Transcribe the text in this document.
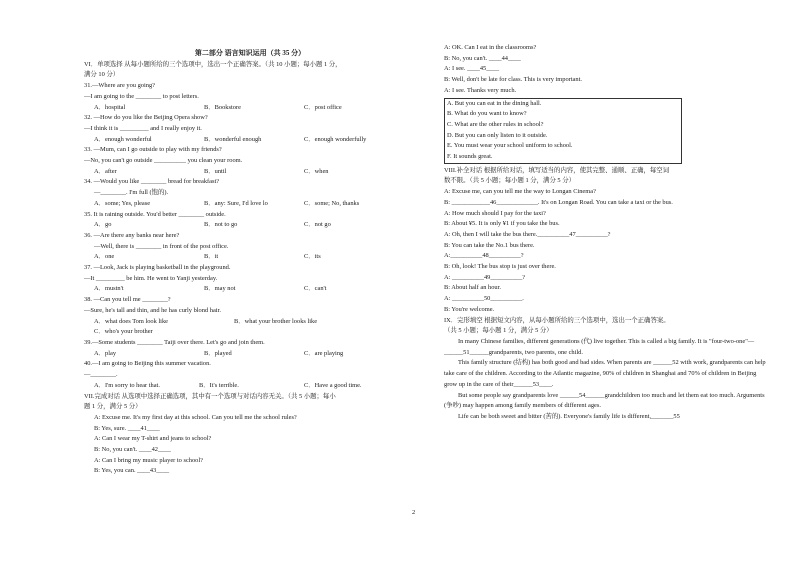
第二部分 语言知识运用（共 35 分）
VI．单项选择 从每小题所给的三个选项中，选出一个正确答案。（共 10 小题；每小题 1 分，
满分 10 分）
31.—Where are you going?
—I am going to the ________ to post letters.
A．hospital	B．Bookstore	C．post office
32. —How do you like the Beijing Opera show?
—I think it is _________ and I really enjoy it.
A．enough wonderful	B．wonderful enough	C．enough wonderfully
33. —Mum, can I go outside to play with my friends?
—No, you can't go outside __________ you clean your room.
A．after	B．until	C．when
34. —Would you like ________ bread for breakfast?
—________. I'm full (饱的).
A．some; Yes, please	B．any: Sure, I'd love lo	C．some; No, thanks
35. It is raining outside. You'd better ________ outside.
A．go	B．not to go	C．not go
36. —Are there any banks near here?
—Well, there is ________ in front of the post office.
A．one	B．it	C．its
37. —Look, Jack is playing basketball in the playground.
—It _________ be him. He went to Yanji yesterday.
A．mustn't	B．may not	C．can't
38. —Can you tell me ________?
—Sure, he's tall and thin, and he has curly blond hair.
A．what does Tom look like	B．what your brother looks like
C．who's your brother
39.—Some students ________ Taiji over there. Let's go and join them.
A．play	B．played	C．are playing
40.—I am going to Beijing this summer vacation.
—________.
A．I'm sorry to hear that.	B．It's terrible.	C．Have a good time.
VII.完成对话 从选项中选择正确选项，其中有一个选项与对话内容无关。（共 5 小题；每小
题 1 分，满分 5 分）
A: Excuse me. It's my first day at this school. Can you tell me the school rules?
B: Yes, sure. ____41____
A: Can I wear my T-shirt and jeans to school?
B: No, you can't. ____42____
A: Can I bring my music player to school?
B: Yes, you can. ____43____
A: OK. Can I eat in the classrooms?
B: No, you can't. ____44____
A: I see. ____45____
B: Well, don't be late for class. This is very important.
A: I see. Thanks very much.
A. But you can eat in the dining hall.
B. What do you want to know?
C. What are the other rules in school?
D. But you can only listen to it outside.
E. You must wear your school uniform to school.
F. It sounds great.
VIII.补全对话 根据所给对话，填写适当的内容，使其完整、通顺、正确，每空词
数不限。（共 5 小题；每小题 1 分，满分 5 分）
A: Excuse me, can you tell me the way to Longan Cinema?
B: ____________46_____________. It's on Longan Road. You can take a taxi or the bus.
A: How much should I pay for the taxi?
B: About ¥5. It is only ¥1 if you take the bus.
A: Oh, then I will take the bus there.__________47__________?
B: You can take the No.1 bus there.
A:__________48__________?
B: Oh, look! The bus stop is just over there.
A: __________49__________?
B: About half an hour.
A: __________50__________.
B: You're welcome.
IX．完形填空 根据短文内容，从每小题所给的三个选项中，选出一个正确答案。
（共 5 小题；每小题 1 分，满分 5 分）
In many Chinese families, different generations (代) live together. This is called a big family. It is "four-two-one"— ______51______grandparents, two parents, one child.
This family structure (结构) has both good and bad sides. When parents are ______52 with work, grandparents can help take care of the children. According to the Atlantic magazine, 90% of children in Shanghai and 70% of children in Beijing grow up in the care of their______53____.
But some people say grandparents love ______54______grandchildren too much and let them eat too much. Arguments (争吵) may happen among family members of different ages.
Life can be both sweet and bitter (苦的). Everyone's family life is different,_______55
2
